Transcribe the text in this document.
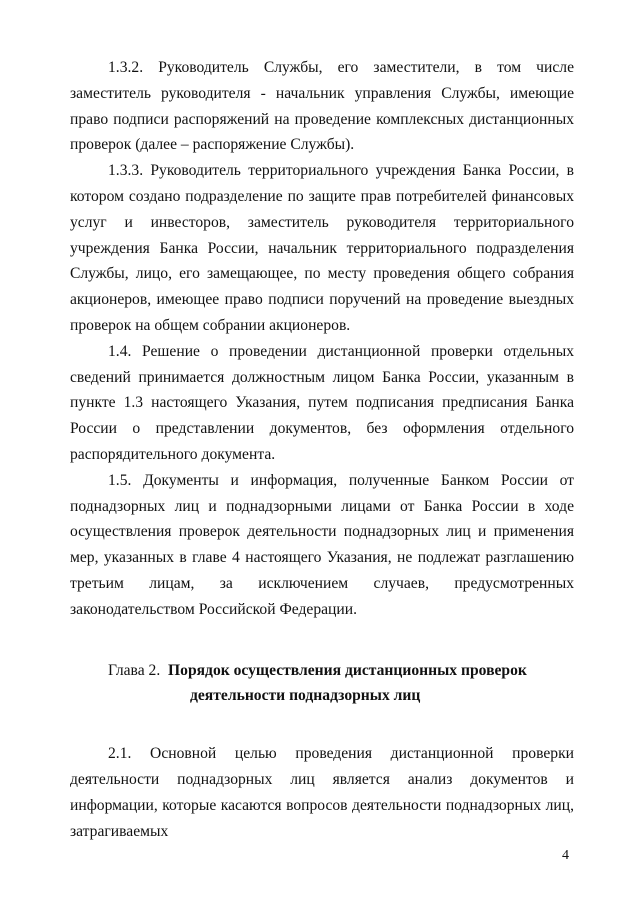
1.3.2. Руководитель Службы, его заместители, в том числе заместитель руководителя - начальник управления Службы, имеющие право подписи распоряжений на проведение комплексных дистанционных проверок (далее – распоряжение Службы).

1.3.3. Руководитель территориального учреждения Банка России, в котором создано подразделение по защите прав потребителей финансовых услуг и инвесторов, заместитель руководителя территориального учреждения Банка России, начальник территориального подразделения Службы, лицо, его замещающее, по месту проведения общего собрания акционеров, имеющее право подписи поручений на проведение выездных проверок на общем собрании акционеров.

1.4. Решение о проведении дистанционной проверки отдельных сведений принимается должностным лицом Банка России, указанным в пункте 1.3 настоящего Указания, путем подписания предписания Банка России о представлении документов, без оформления отдельного распорядительного документа.

1.5. Документы и информация, полученные Банком России от поднадзорных лиц и поднадзорными лицами от Банка России в ходе осуществления проверок деятельности поднадзорных лиц и применения мер, указанных в главе 4 настоящего Указания, не подлежат разглашению третьим лицам, за исключением случаев, предусмотренных законодательством Российской Федерации.

Глава 2. Порядок осуществления дистанционных проверок

деятельности поднадзорных лиц

2.1. Основной целью проведения дистанционной проверки деятельности поднадзорных лиц является анализ документов и информации, которые касаются вопросов деятельности поднадзорных лиц, затрагиваемых

4
